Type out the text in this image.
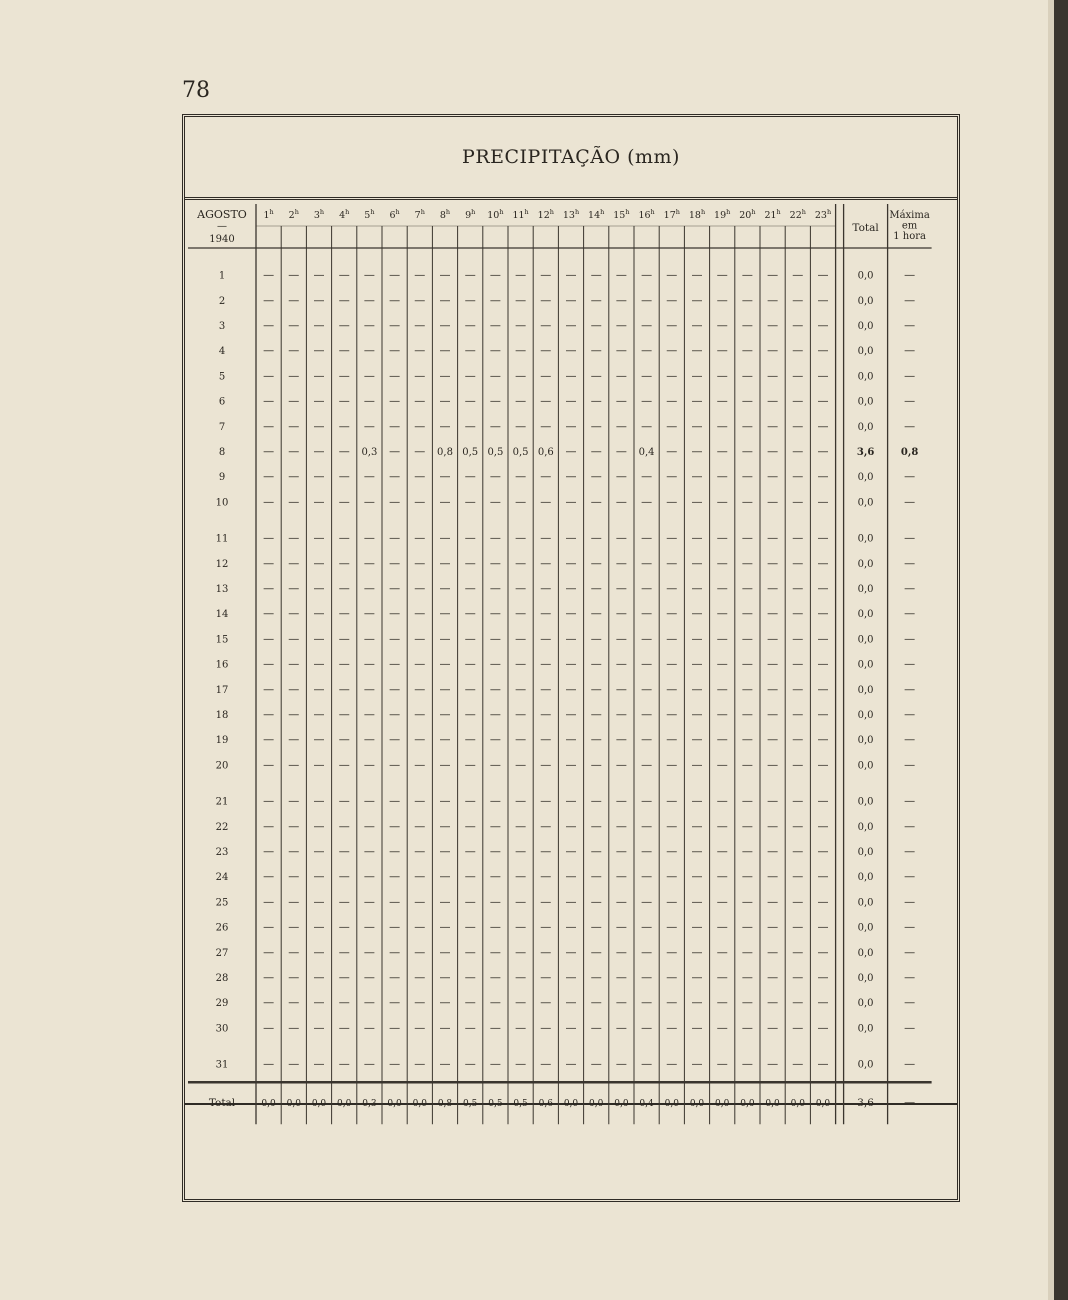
78
PRECIPITAÇÃO (mm)
AGOSTO
—
1940
1$^h$ 2$^h$ 3$^h$ 4$^h$ 5$^h$ 6$^h$ 7$^h$ 8$^h$ 9$^h$ 10$^h$ 11$^h$ 12$^h$ 13$^h$ 14$^h$ 15$^h$ 16$^h$ 17$^h$ 18$^h$ 19$^h$ 20$^h$ 21$^h$ 22$^h$ 23$^h$
Total
Máxima
em
1 hora
1	— — — — — — — — — — — — — — — — — — — — — — —	0,0	—
2	— — — — — — — — — — — — — — — — — — — — — — —	0,0	—
3	— — — — — — — — — — — — — — — — — — — — — — —	0,0	—
4	— — — — — — — — — — — — — — — — — — — — — — —	0,0	—
5	— — — — — — — — — — — — — — — — — — — — — — —	0,0	—
6	— — — — — — — — — — — — — — — — — — — — — — —	0,0	—
7	— — — — — — — — — — — — — — — — — — — — — — —	0,0	—
8	— — — — 0,3 — — 0,8 0,5 0,5 0,5 0,6 — — — 0,4 — — — — — — —	3,6	0,8
9	— — — — — — — — — — — — — — — — — — — — — — —	0,0	—
10	— — — — — — — — — — — — — — — — — — — — — — —	0,0	—
11	— — — — — — — — — — — — — — — — — — — — — — —	0,0	—
12	— — — — — — — — — — — — — — — — — — — — — — —	0,0	—
13	— — — — — — — — — — — — — — — — — — — — — — —	0,0	—
14	— — — — — — — — — — — — — — — — — — — — — — —	0,0	—
15	— — — — — — — — — — — — — — — — — — — — — — —	0,0	—
16	— — — — — — — — — — — — — — — — — — — — — — —	0,0	—
17	— — — — — — — — — — — — — — — — — — — — — — —	0,0	—
18	— — — — — — — — — — — — — — — — — — — — — — —	0,0	—
19	— — — — — — — — — — — — — — — — — — — — — — —	0,0	—
20	— — — — — — — — — — — — — — — — — — — — — — —	0,0	—
21	— — — — — — — — — — — — — — — — — — — — — — —	0,0	—
22	— — — — — — — — — — — — — — — — — — — — — — —	0,0	—
23	— — — — — — — — — — — — — — — — — — — — — — —	0,0	—
24	— — — — — — — — — — — — — — — — — — — — — — —	0,0	—
25	— — — — — — — — — — — — — — — — — — — — — — —	0,0	—
26	— — — — — — — — — — — — — — — — — — — — — — —	0,0	—
27	— — — — — — — — — — — — — — — — — — — — — — —	0,0	—
28	— — — — — — — — — — — — — — — — — — — — — — —	0,0	—
29	— — — — — — — — — — — — — — — — — — — — — — —	0,0	—
30	— — — — — — — — — — — — — — — — — — — — — — —	0,0	—
31	— — — — — — — — — — — — — — — — — — — — — — —	0,0	—
Total	0,0 0,0 0,0 0,0 0,3 0,0 0,0 0,8 0,5 0,5 0,5 0,6 0,0 0,0 0,0 0,4 0,0 0,0 0,0 0,0 0,0 0,0 0,0	3,6	—
